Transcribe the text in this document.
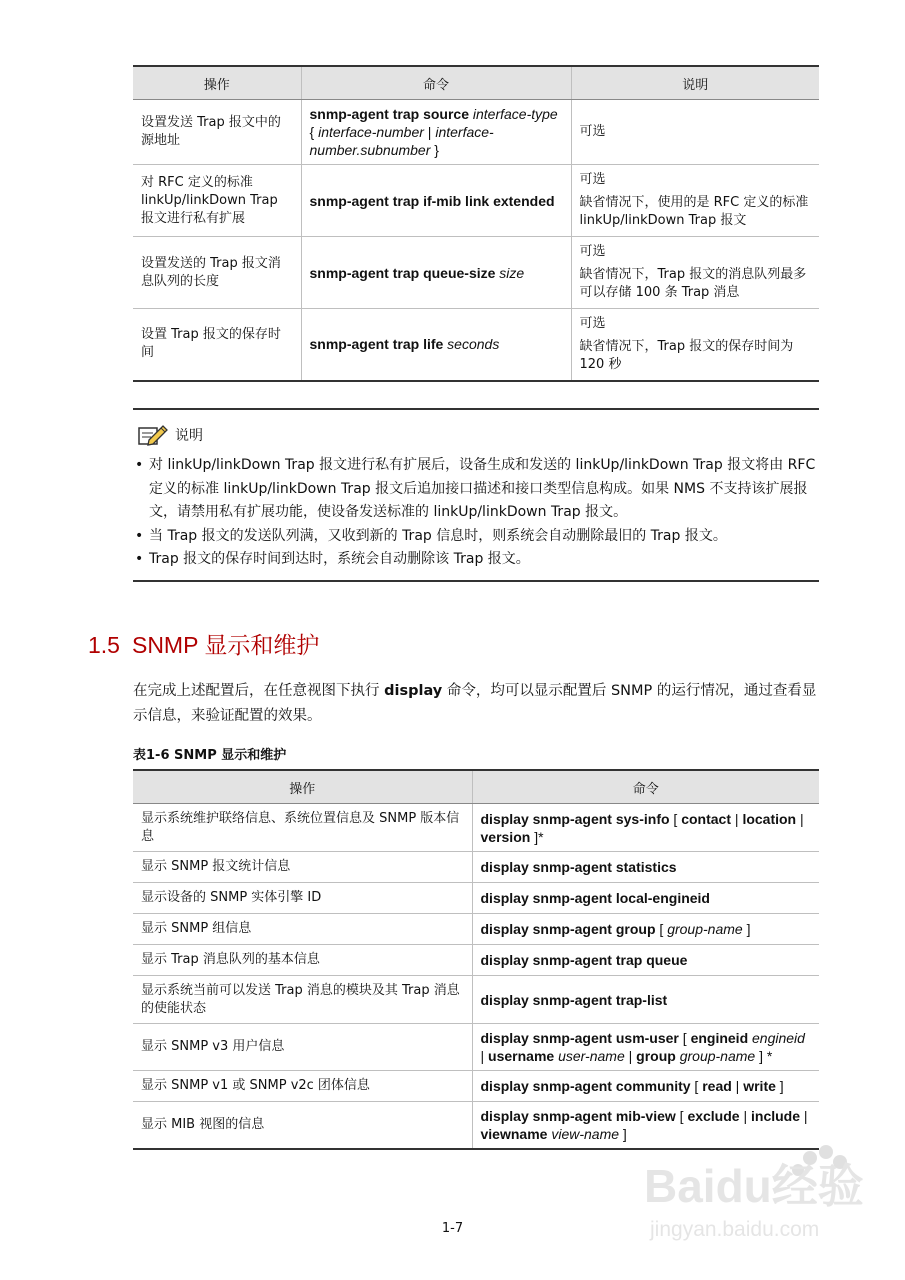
操作	命令	说明
设置发送 Trap 报文中的源地址	snmp-agent trap source interface-type { interface-number | interface-number.subnumber }	可选

对 RFC 定义的标准 linkUp/linkDown Trap 报文进行私有扩展	snmp-agent trap if-mib link extended	可选

缺省情况下，使用的是 RFC 定义的标准 linkUp/linkDown Trap 报文

设置发送的 Trap 报文消息队列的长度	snmp-agent trap queue-size size	可选

缺省情况下，Trap 报文的消息队列最多可以存储 100 条 Trap 消息

设置 Trap 报文的保存时间	snmp-agent trap life seconds	可选

缺省情况下，Trap 报文的保存时间为 120 秒

说明
• 对 linkUp/linkDown Trap 报文进行私有扩展后，设备生成和发送的 linkUp/linkDown Trap 报文将由 RFC 定义的标准 linkUp/linkDown Trap 报文后追加接口描述和接口类型信息构成。如果 NMS 不支持该扩展报文，请禁用私有扩展功能，使设备发送标准的 linkUp/linkDown Trap 报文。
• 当 Trap 报文的发送队列满，又收到新的 Trap 信息时，则系统会自动删除最旧的 Trap 报文。
• Trap 报文的保存时间到达时，系统会自动删除该 Trap 报文。
1.5 SNMP 显示和维护
在完成上述配置后，在任意视图下执行 display 命令，均可以显示配置后 SNMP 的运行情况，通过查看显示信息，来验证配置的效果。
表1-6 SNMP 显示和维护
操作	命令
显示系统维护联络信息、系统位置信息及 SNMP 版本信息	display snmp-agent sys-info [ contact | location | version ]*
显示 SNMP 报文统计信息	display snmp-agent statistics
显示设备的 SNMP 实体引擎 ID	display snmp-agent local-engineid
显示 SNMP 组信息	display snmp-agent group [ group-name ]
显示 Trap 消息队列的基本信息	display snmp-agent trap queue
显示系统当前可以发送 Trap 消息的模块及其 Trap 消息的使能状态	display snmp-agent trap-list
显示 SNMP v3 用户信息	display snmp-agent usm-user [ engineid engineid | username user-name | group group-name ] *
显示 SNMP v1 或 SNMP v2c 团体信息	display snmp-agent community [ read | write ]
显示 MIB 视图的信息	display snmp-agent mib-view [ exclude | include | viewname view-name ]
1-7
Baidu经验
jingyan.baidu.com
